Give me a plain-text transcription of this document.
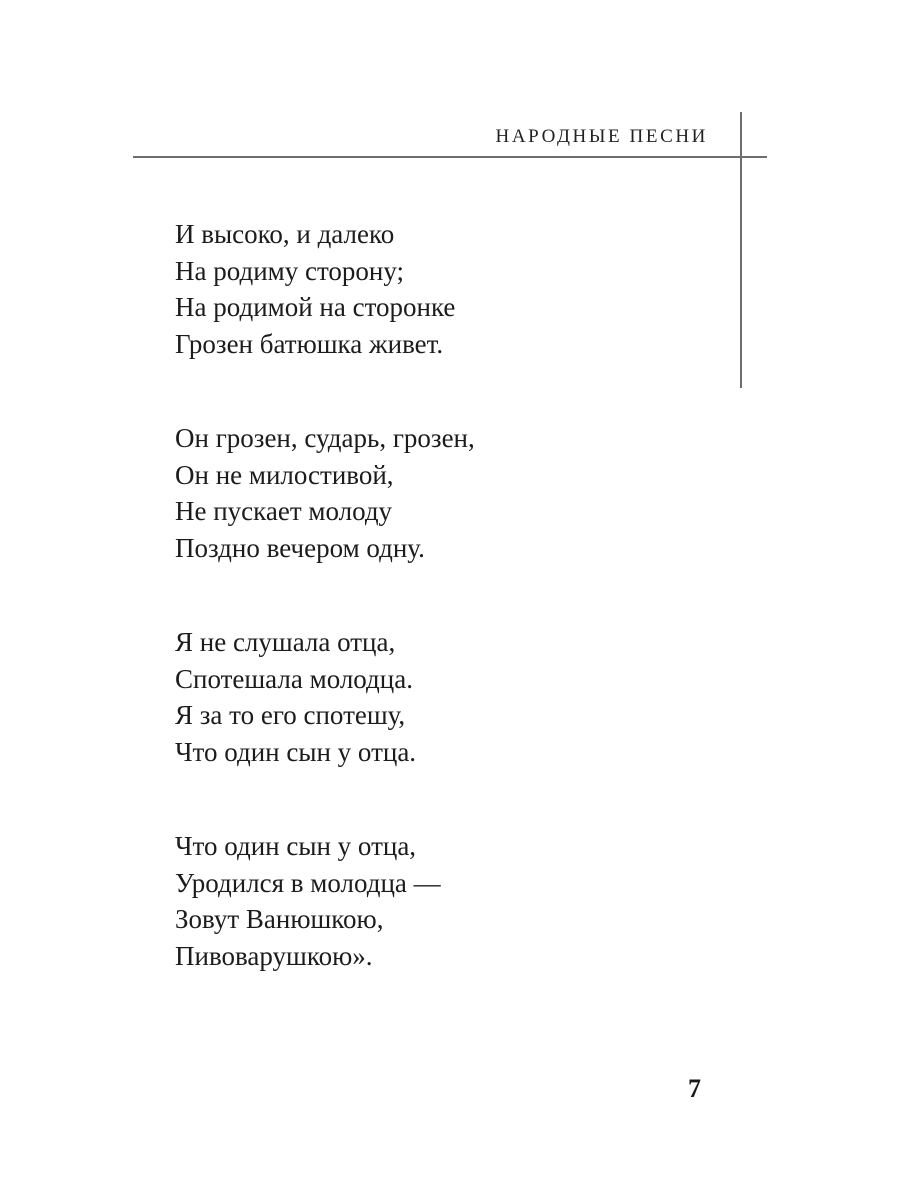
НАРОДНЫЕ ПЕСНИ
И высоко, и далеко
На родиму сторону;
На родимой на сторонке
Грозен батюшка живет.
Он грозен, сударь, грозен,
Он не милостивой,
Не пускает молоду
Поздно вечером одну.
Я не слушала отца,
Спотешала молодца.
Я за то его спотешу,
Что один сын у отца.
Что один сын у отца,
Уродился в молодца —
Зовут Ванюшкою,
Пивоварушкою».
7
